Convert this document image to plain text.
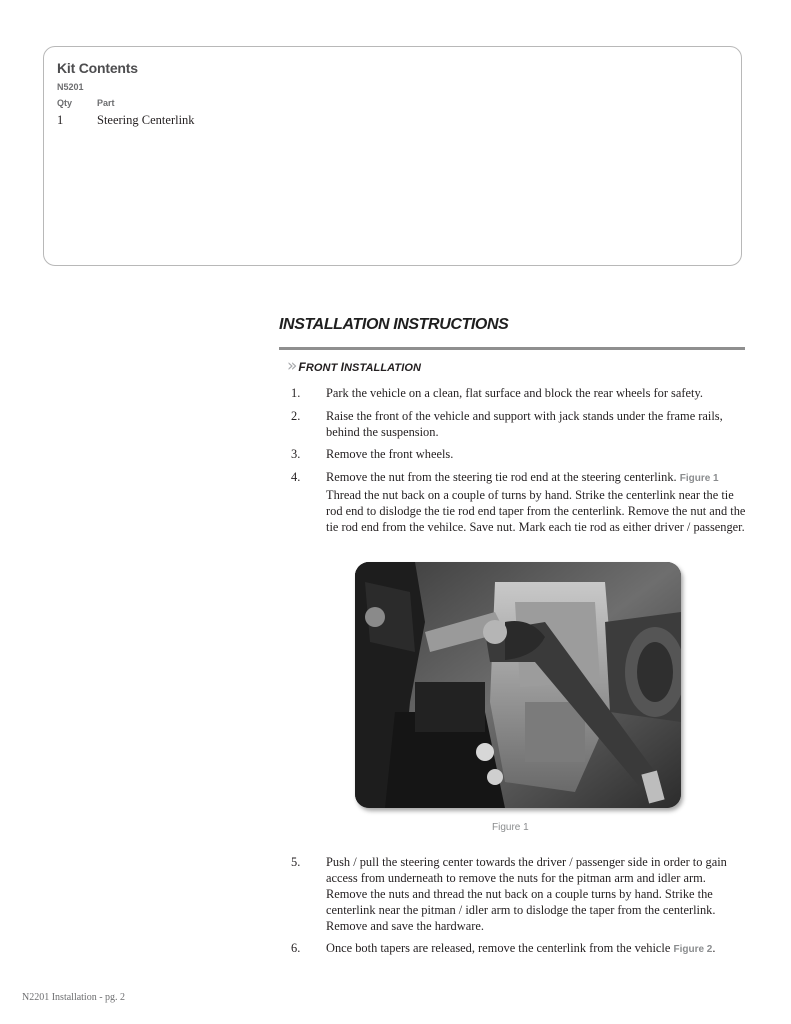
Kit Contents
N5201
Qty	Part
1	Steering Centerlink
INSTALLATION INSTRUCTIONS
» FRONT INSTALLATION
1.	Park the vehicle on a clean, flat surface and block the rear wheels for safety.
2.	Raise the front of the vehicle and support with jack stands under the frame rails, behind the suspension.
3.	Remove the front wheels.
4.	Remove the nut from the steering tie rod end at the steering centerlink. Figure 1 Thread the nut back on a couple of turns by hand. Strike the centerlink near the tie rod end to dislodge the tie rod end taper from the centerlink. Remove the nut and the tie rod end from the vehilce. Save nut. Mark each tie rod as either driver / passenger.
Figure 1
5.	Push / pull the steering center towards the driver / passenger side in order to gain access from underneath to remove the nuts for the pitman arm and idler arm. Remove the nuts and thread the nut back on a couple turns by hand. Strike the centerlink near the pitman / idler arm to dislodge the taper from the centerlink. Remove and save the hardware.
6.	Once both tapers are released, remove the centerlink from the vehicle Figure 2.
N2201 Installation - pg. 2
